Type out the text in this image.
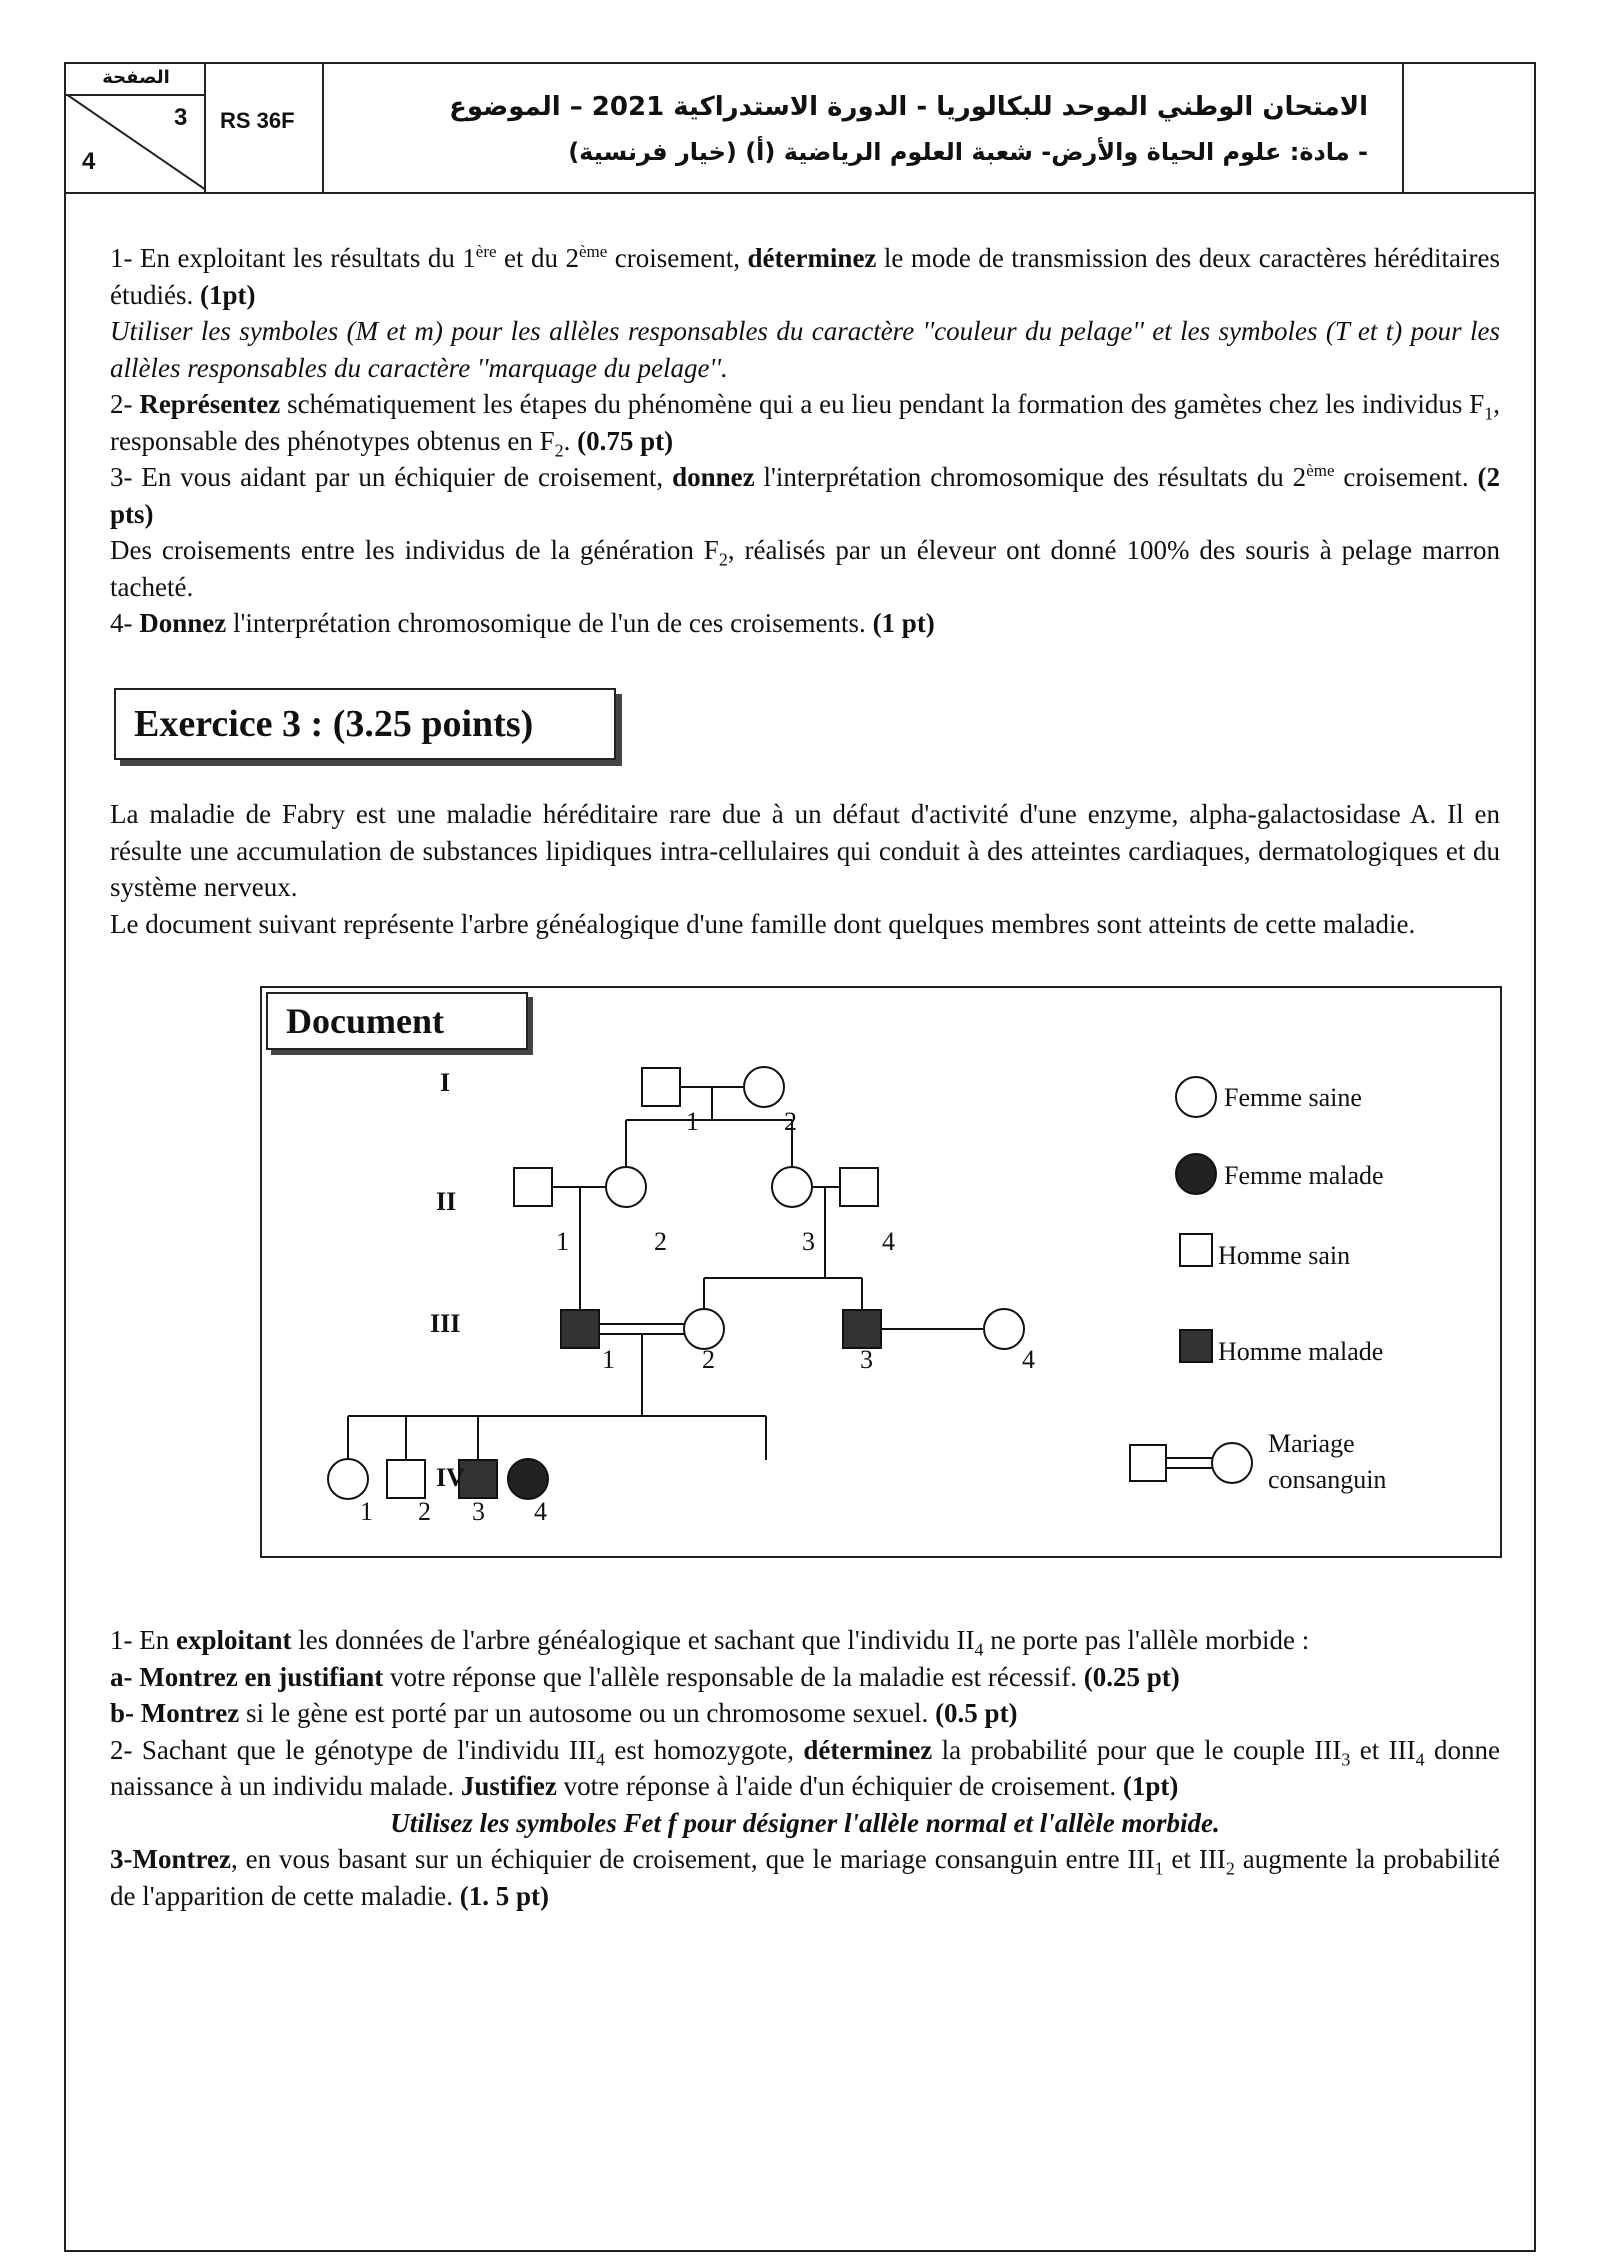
الصفحة
3
4
RS 36F	الامتحان الوطني الموحد للبكالوريا - الدورة الاستدراكية 2021 – الموضوع
- مادة: علوم الحياة والأرض- شعبة العلوم الرياضية (أ) (خيار فرنسية)

1- En exploitant les résultats du 1ère et du 2ème croisement, déterminez le mode de transmission des deux caractères héréditaires étudiés. (1pt)

Utiliser les symboles (M et m) pour les allèles responsables du caractère ''couleur du pelage'' et les symboles (T et t) pour les allèles responsables du caractère ''marquage du pelage''.

2- Représentez schématiquement les étapes du phénomène qui a eu lieu pendant la formation des gamètes chez les individus $F_1$, responsable des phénotypes obtenus en $F_2$. (0.75 pt)

3- En vous aidant par un échiquier de croisement, donnez l'interprétation chromosomique des résultats du 2ème croisement. (2 pts)

Des croisements entre les individus de la génération $F_2$, réalisés par un éleveur ont donné 100% des souris à pelage marron tacheté.

4- Donnez l'interprétation chromosomique de l'un de ces croisements. (1 pt)

Exercice 3 : (3.25 points)

La maladie de Fabry est une maladie héréditaire rare due à un défaut d'activité d'une enzyme, alpha-galactosidase A. Il en résulte une accumulation de substances lipidiques intra-cellulaires qui conduit à des atteintes cardiaques, dermatologiques et du système nerveux.

Le document suivant représente l'arbre généalogique d'une famille dont quelques membres sont atteints de cette maladie.

I
II
III
IV
1	2
1	2	3	4
1	2	3	4
1 2 3 4
Femme saine
Femme malade
Homme sain
Homme malade
Mariage
consanguin
Document

1- En exploitant les données de l'arbre généalogique et sachant que l'individu $II_4$ ne porte pas l'allèle morbide :

a- Montrez en justifiant votre réponse que l'allèle responsable de la maladie est récessif. (0.25 pt)

b- Montrez si le gène est porté par un autosome ou un chromosome sexuel. (0.5 pt)

2- Sachant que le génotype de l'individu $III_4$ est homozygote, déterminez la probabilité pour que le couple $III_3$ et $III_4$ donne naissance à un individu malade. Justifiez votre réponse à l'aide d'un échiquier de croisement. (1pt)

Utilisez les symboles Fet f pour désigner l'allèle normal et l'allèle morbide.

3-Montrez, en vous basant sur un échiquier de croisement, que le mariage consanguin entre $III_1$ et $III_2$ augmente la probabilité de l'apparition de cette maladie. (1. 5 pt)
